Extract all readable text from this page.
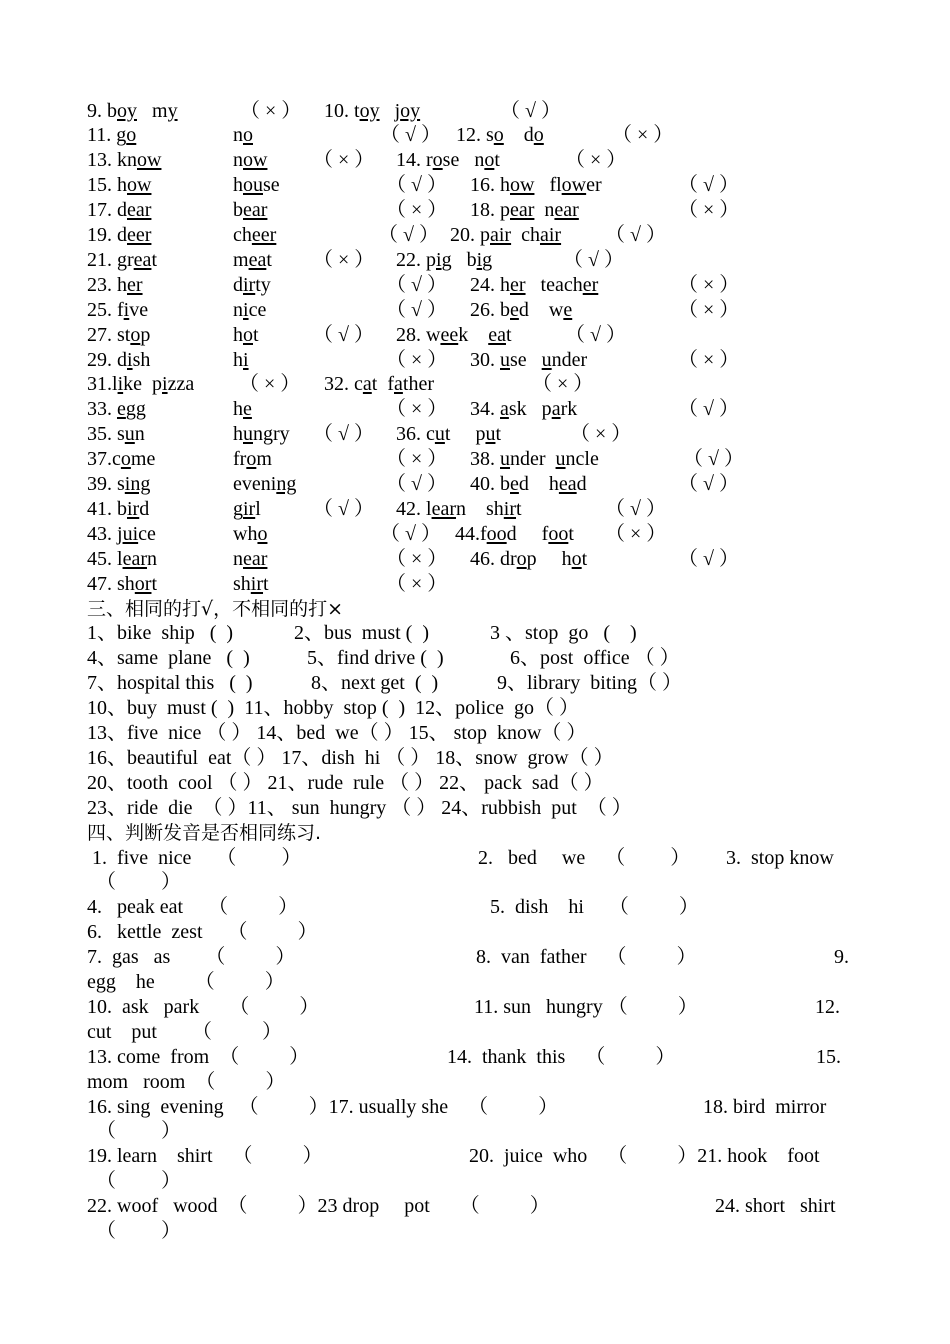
9. boy   my	（ × ） 10. toy   joy	（ √ ）
11. go	no	（ √ ） 12. so    do	（ × ）
13. know	now （ × ） 14. rose   not	（ × ）
15. how	house	（ √ ） 16. how   flower	（ √ ）
17. dear	bear	（ × ） 18. pear  near	（ × ）
19. deer	cheer	（ √ ） 20. pair  chair （ √ ）
21. great	meat （ × ） 22. pig   big	（ √ ）
23. her	dirty	（ √ ） 24. her   teacher	（ × ）
25. five	nice	（ √ ） 26. bed    we	（ × ）
27. stop	hot	（ √ ） 28. week    eat	（ √ ）
29. dish	hi	（ × ） 30. use   under	（ × ）
31.like  pizza （ × ） 32. cat  father	（ × ）
33. egg	he	（ × ） 34. ask   park	（ √ ）
35. sun	hungry （ √ ） 36. cut     put	（ × ）
37.come	from	（ × ） 38. under  uncle	（ √ ）
39. sing	evening	（ √ ） 40. bed    head	（ √ ）
41. bird	girl	（ √ ） 42. learn    shirt	（ √ ）
43. juice	who	（ √ ） 44.food     foot （ × ）
45. learn	near	（ × ） 46. drop     hot	（ √ ）
47. short	shirt	（ × ）
三、相同的打√，不相同的打×
1、bike  ship   (  )	2、bus  must (  )	3 、stop  go   (    )
4、same  plane   (  )	5、find drive (  )	6、post  office （ ）
7、hospital this   (  )	8、next get  (  )	9、library  biting（ ）
10、buy  must (  )  11、hobby  stop (  )  12、police  go（ ）
13、five  nice （ ） 14、bed  we（ ） 15、 stop  know（ ）
16、beautiful  eat（ ） 17、dish  hi （ ） 18、snow  grow（ ）
20、tooth  cool （ ） 21、rude  rule （ ） 22、 pack  sad（ ）
23、ride  die  （ ）11、 sun  hungry （ ） 24、rubbish  put  （ ）
四、判断发音是否相同练习.
1.  five  nice     （         ）	2.   bed     we    （         ） 3.  stop know
（         ）
4.   peak eat     （          ）	5.  dish    hi     （          ）
6.   kettle  zest     （          ）
7.  gas   as       （          ）	8.  van  father    （          ）	9.
egg    he        （          ）
10.  ask   park      （          ）	11. sun   hungry （          ）	12.
cut    put       （          ）
13. come  from  （          ）	14.  thank  this    （          ）	15.
mom   room  （          ）
16. sing  evening   （          ）17. usually she    （          ）	18. bird  mirror
（         ）
19. learn    shirt    （          ）	20.  juice  who    （          ）21. hook    foot
（         ）
22. woof   wood  （          ）23 drop     pot      （          ）	24. short   shirt
（         ）
